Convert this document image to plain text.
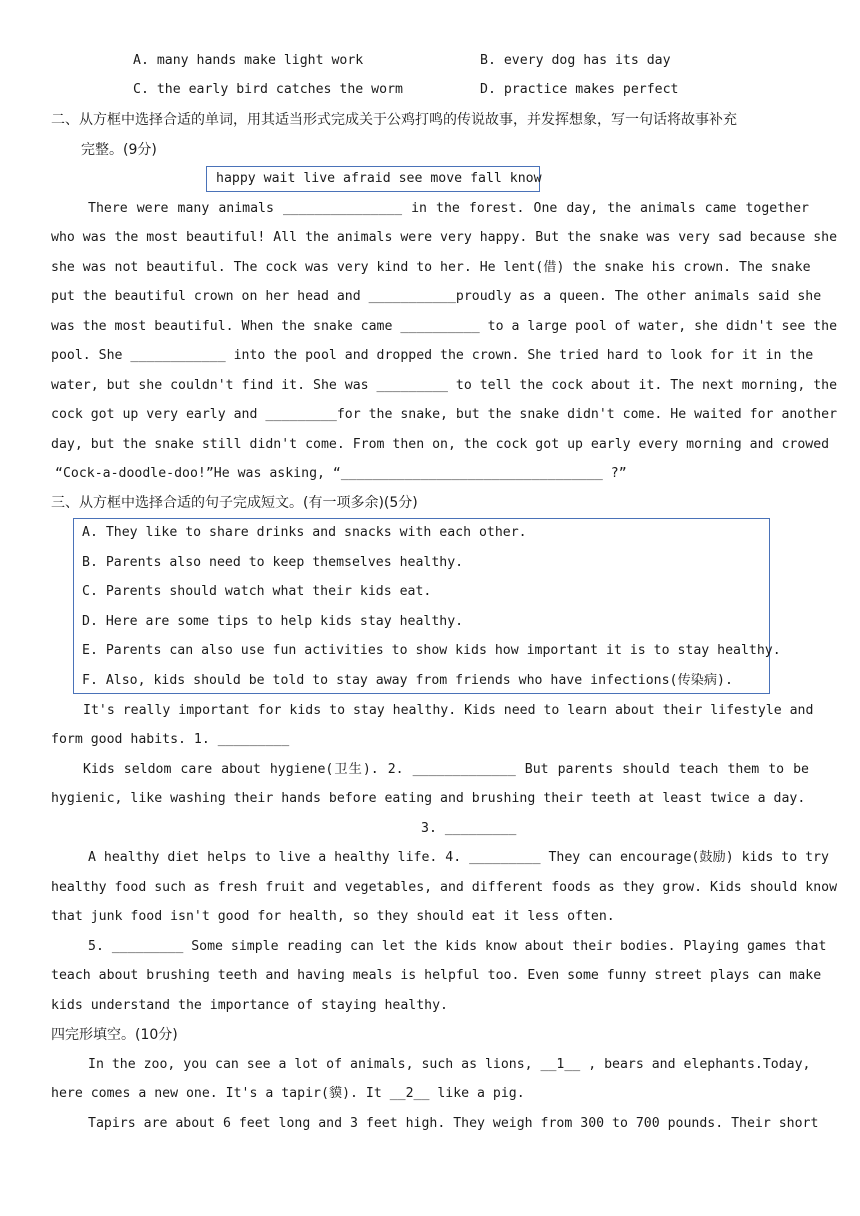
A. many hands make light work	B. every dog has its day
C. the early bird catches the worm	D. practice makes perfect
二、从方框中选择合适的单词，用其适当形式完成关于公鸡打鸣的传说故事，并发挥想象，写一句话将故事补充
完整。(9分)
happy wait live afraid see move fall know
There were many animals _______________ in the forest. One day, the animals came together
who was the most beautiful! All the animals were very happy. But the snake was very sad because she
she was not beautiful. The cock was very kind to her. He lent(借) the snake his crown. The snake
put the beautiful crown on her head and ___________proudly as a queen. The other animals said she
was the most beautiful. When the snake came __________ to a large pool of water, she didn't see the
pool. She ____________ into the pool and dropped the crown. She tried hard to look for it in the
water, but she couldn't find it. She was _________ to tell the cock about it. The next morning, the
cock got up very early and _________for the snake, but the snake didn't come. He waited for another
day, but the snake still didn't come. From then on, the cock got up early every morning and crowed
“Cock-a-doodle-doo!”He was asking, “_________________________________ ?”
三、从方框中选择合适的句子完成短文。(有一项多余)(5分)
A. They like to share drinks and snacks with each other.
B. Parents also need to keep themselves healthy.
C. Parents should watch what their kids eat.
D. Here are some tips to help kids stay healthy.
E. Parents can also use fun activities to show kids how important it is to stay healthy.
F. Also, kids should be told to stay away from friends who have infections(传染病).
It's really important for kids to stay healthy. Kids need to learn about their lifestyle and
form good habits. 1. _________
Kids seldom care about hygiene(卫生). 2. _____________ But parents should teach them to be
hygienic, like washing their hands before eating and brushing their teeth at least twice a day.
3. _________
A healthy diet helps to live a healthy life. 4. _________ They can encourage(鼓励) kids to try
healthy food such as fresh fruit and vegetables, and different foods as they grow. Kids should know
that junk food isn't good for health, so they should eat it less often.
5. _________ Some simple reading can let the kids know about their bodies. Playing games that
teach about brushing teeth and having meals is helpful too. Even some funny street plays can make
kids understand the importance of staying healthy.
四完形填空。(10分)
In the zoo, you can see a lot of animals, such as lions, __1__ , bears and elephants.Today,
here comes a new one. It's a tapir(貘). It __2__ like a pig.
Tapirs are about 6 feet long and 3 feet high. They weigh from 300 to 700 pounds. Their short
